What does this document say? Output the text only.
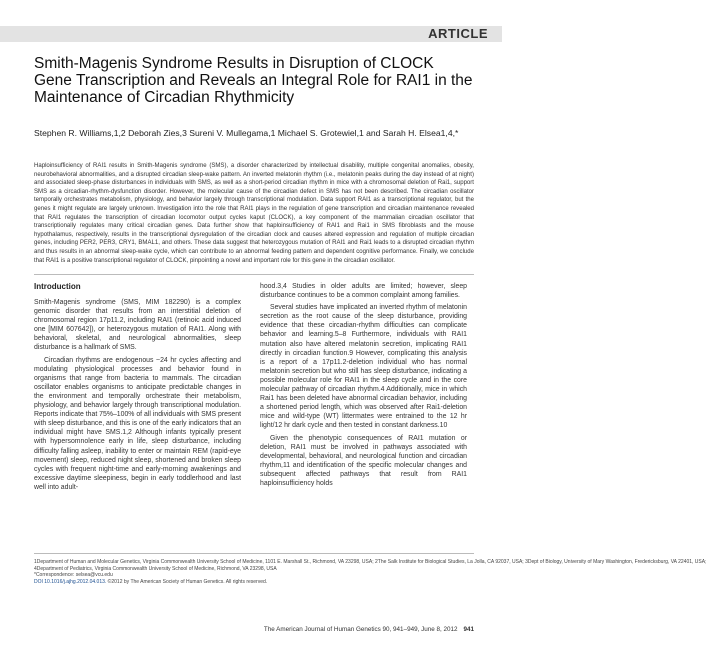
ARTICLE
Smith-Magenis Syndrome Results in Disruption of CLOCK Gene Transcription and Reveals an Integral Role for RAI1 in the Maintenance of Circadian Rhythmicity
Stephen R. Williams,1,2 Deborah Zies,3 Sureni V. Mullegama,1 Michael S. Grotewiel,1 and Sarah H. Elsea1,4,*
Haploinsufficiency of RAI1 results in Smith-Magenis syndrome (SMS), a disorder characterized by intellectual disability, multiple congenital anomalies, obesity, neurobehavioral abnormalities, and a disrupted circadian sleep-wake pattern. An inverted melatonin rhythm (i.e., melatonin peaks during the day instead of at night) and associated sleep-phase disturbances in individuals with SMS, as well as a short-period circadian rhythm in mice with a chromosomal deletion of Rai1, support SMS as a circadian-rhythm-dysfunction disorder. However, the molecular cause of the circadian defect in SMS has not been described. The circadian oscillator temporally orchestrates metabolism, physiology, and behavior largely through transcriptional modulation. Data support RAI1 as a transcriptional regulator, but the genes it might regulate are largely unknown. Investigation into the role that RAI1 plays in the regulation of gene transcription and circadian maintenance revealed that RAI1 regulates the transcription of circadian locomotor output cycles kaput (CLOCK), a key component of the mammalian circadian oscillator that transcriptionally regulates many critical circadian genes. Data further show that haploinsufficiency of RAI1 and Rai1 in SMS fibroblasts and the mouse hypothalamus, respectively, results in the transcriptional dysregulation of the circadian clock and causes altered expression and regulation of multiple circadian genes, including PER2, PER3, CRY1, BMAL1, and others. These data suggest that heterozygous mutation of RAI1 and Rai1 leads to a disrupted circadian rhythm and thus results in an abnormal sleep-wake cycle, which can contribute to an abnormal feeding pattern and dependent cognitive performance. Finally, we conclude that RAI1 is a positive transcriptional regulator of CLOCK, pinpointing a novel and important role for this gene in the circadian oscillator.
Introduction

Smith-Magenis syndrome (SMS, MIM 182290) is a complex genomic disorder that results from an interstitial deletion of chromosomal region 17p11.2, including RAI1 (retinoic acid induced one [MIM 607642]), or heterozygous mutation of RAI1. Along with behavioral, skeletal, and neurological abnormalities, sleep disturbance is a hallmark of SMS.

Circadian rhythms are endogenous ~24 hr cycles affecting and modulating physiological processes and behavior found in organisms that range from bacteria to mammals. The circadian oscillator enables organisms to anticipate predictable changes in the environment and temporally orchestrate their metabolism, physiology, and behavior largely through transcriptional modulation. Reports indicate that 75%–100% of all individuals with SMS present with sleep disturbance, and this is one of the early indicators that an individual might have SMS.1,2 Although infants typically present with hypersomnolence early in life, sleep disturbance, including difficulty falling asleep, inability to enter or maintain REM (rapid-eye movement) sleep, reduced night sleep, shortened and broken sleep cycles with frequent night-time and early-morning awakenings and excessive daytime sleepiness, begin in early toddlerhood and last well into adult-

hood.3,4 Studies in older adults are limited; however, sleep disturbance continues to be a common complaint among families.

Several studies have implicated an inverted rhythm of melatonin secretion as the root cause of the sleep disturbance, providing evidence that these circadian-rhythm difficulties can complicate behavior and learning.5–8 Furthermore, individuals with RAI1 mutation also have altered melatonin secretion, implicating RAI1 directly in circadian function.9 However, complicating this analysis is a report of a 17p11.2-deletion individual who has normal melatonin secretion but who still has sleep disturbance, indicating a possible molecular role for RAI1 in the sleep cycle and in the core molecular pathway of circadian rhythm.4 Additionally, mice in which Rai1 has been deleted have abnormal circadian behavior, including a shortened period length, which was observed after Rai1-deletion mice and wild-type (WT) littermates were entrained to the 12 hr light/12 hr dark cycle and then tested in constant darkness.10

Given the phenotypic consequences of RAI1 mutation or deletion, RAI1 must be involved in pathways associated with developmental, behavioral, and neurological function and circadian rhythm,11 and identification of the specific molecular changes and subsequent affected pathways that result from RAI1 haploinsufficiency holds

1Department of Human and Molecular Genetics, Virginia Commonwealth University School of Medicine, 1101 E. Marshall St., Richmond, VA 23298, USA; 2The Salk Institute for Biological Studies, La Jolla, CA 92037, USA; 3Dept of Biology, University of Mary Washington, Fredericksburg, VA 22401, USA;
4Department of Pediatrics, Virginia Commonwealth University School of Medicine, Richmond, VA 23298, USA
*Correspondence: selsea@vcu.edu
DOI 10.1016/j.ajhg.2012.04.013. ©2012 by The American Society of Human Genetics. All rights reserved.
The American Journal of Human Genetics 90, 941–949, June 8, 2012 941
